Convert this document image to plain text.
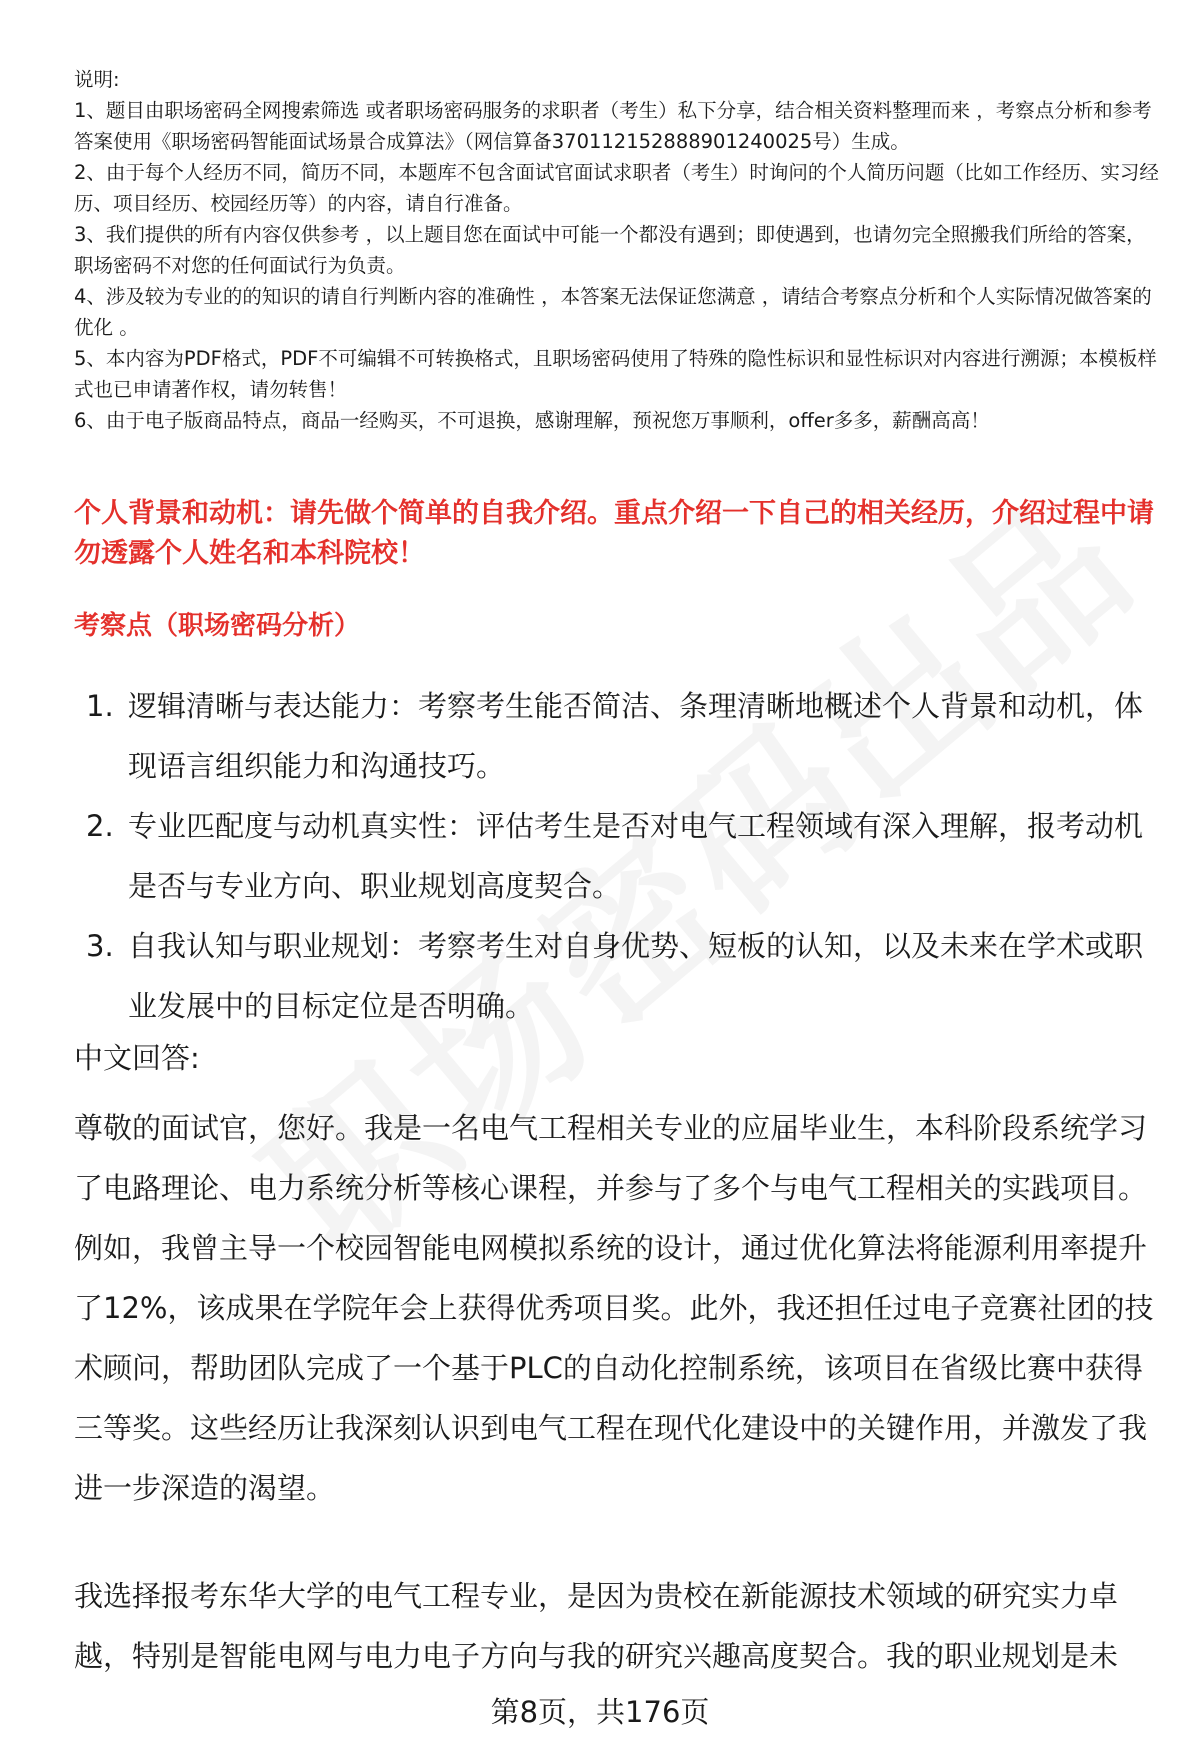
说明:

1、题目由职场密码全网搜索筛选 或者职场密码服务的求职者（考生）私下分享，结合相关资料整理而来 ，考察点分析和参考答案使用《职场密码智能面试场景合成算法》（网信算备370112152888901240025号）生成。

2、由于每个人经历不同，简历不同，本题库不包含面试官面试求职者（考生）时询问的个人简历问题（比如工作经历、实习经历、项目经历、校园经历等）的内容，请自行准备。

3、我们提供的所有内容仅供参考 ，以上题目您在面试中可能一个都没有遇到；即使遇到，也请勿完全照搬我们所给的答案，职场密码不对您的任何面试行为负责。

4、涉及较为专业的的知识的请自行判断内容的准确性 ，本答案无法保证您满意 ，请结合考察点分析和个人实际情况做答案的优化 。

5、本内容为PDF格式，PDF不可编辑不可转换格式，且职场密码使用了特殊的隐性标识和显性标识对内容进行溯源；本模板样式也已申请著作权，请勿转售！

6、由于电子版商品特点，商品一经购买，不可退换，感谢理解，预祝您万事顺利，offer多多，薪酬高高！

个人背景和动机：请先做个简单的自我介绍。重点介绍一下自己的相关经历，介绍过程中请勿透露个人姓名和本科院校！
考察点（职场密码分析）
1. 逻辑清晰与表达能力：考察考生能否简洁、条理清晰地概述个人背景和动机，体现语言组织能力和沟通技巧。
2. 专业匹配度与动机真实性：评估考生是否对电气工程领域有深入理解，报考动机是否与专业方向、职业规划高度契合。
3. 自我认知与职业规划：考察考生对自身优势、短板的认知，以及未来在学术或职业发展中的目标定位是否明确。
中文回答:

尊敬的面试官，您好。我是一名电气工程相关专业的应届毕业生，本科阶段系统学习了电路理论、电力系统分析等核心课程，并参与了多个与电气工程相关的实践项目。例如，我曾主导一个校园智能电网模拟系统的设计，通过优化算法将能源利用率提升了12%，该成果在学院年会上获得优秀项目奖。此外，我还担任过电子竞赛社团的技术顾问，帮助团队完成了一个基于PLC的自动化控制系统，该项目在省级比赛中获得三等奖。这些经历让我深刻认识到电气工程在现代化建设中的关键作用，并激发了我进一步深造的渴望。

我选择报考东华大学的电气工程专业，是因为贵校在新能源技术领域的研究实力卓越，特别是智能电网与电力电子方向与我的研究兴趣高度契合。我的职业规划是未

第8页，共176页
